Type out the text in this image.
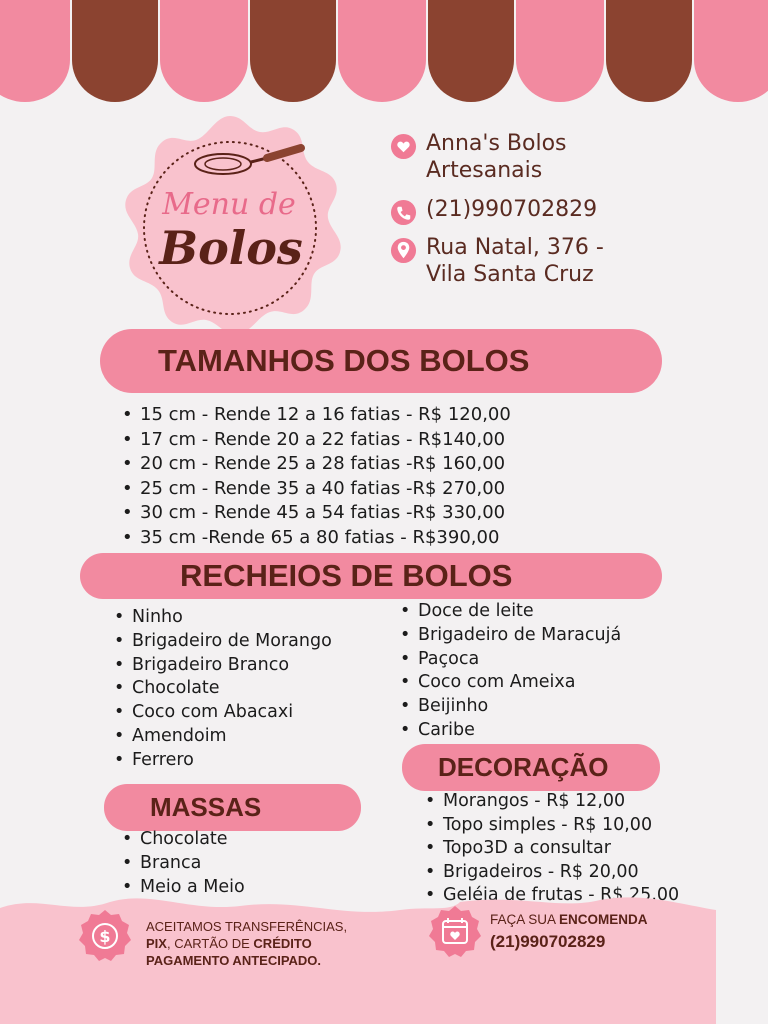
Menu de
Bolos
Anna's Bolos
Artesanais
(21)990702829
Rua Natal, 376 -
Vila Santa Cruz
TAMANHOS DOS BOLOS
• 15 cm - Rende 12 a 16 fatias - R$ 120,00
• 17 cm - Rende 20 a 22 fatias - R$140,00
• 20 cm - Rende 25 a 28 fatias -R$ 160,00
• 25 cm - Rende 35 a 40 fatias -R$ 270,00
• 30 cm - Rende 45 a 54 fatias -R$ 330,00
• 35 cm -Rende 65 a 80 fatias - R$390,00
RECHEIOS DE BOLOS
• Ninho
• Brigadeiro de Morango
• Brigadeiro Branco
• Chocolate
• Coco com Abacaxi
• Amendoim
• Ferrero
• Doce de leite
• Brigadeiro de Maracujá
• Paçoca
• Coco com Ameixa
• Beijinho
• Caribe
DECORAÇÃO
• Morangos - R$ 12,00
• Topo simples - R$ 10,00
• Topo3D a consultar
• Brigadeiros - R$ 20,00
• Geléia de frutas - R$ 25,00
MASSAS
• Chocolate
• Branca
• Meio a Meio
$
ACEITAMOS TRANSFERÊNCIAS,
PIX, CARTÃO DE CRÉDITO
PAGAMENTO ANTECIPADO.
FAÇA SUA ENCOMENDA
(21)990702829
